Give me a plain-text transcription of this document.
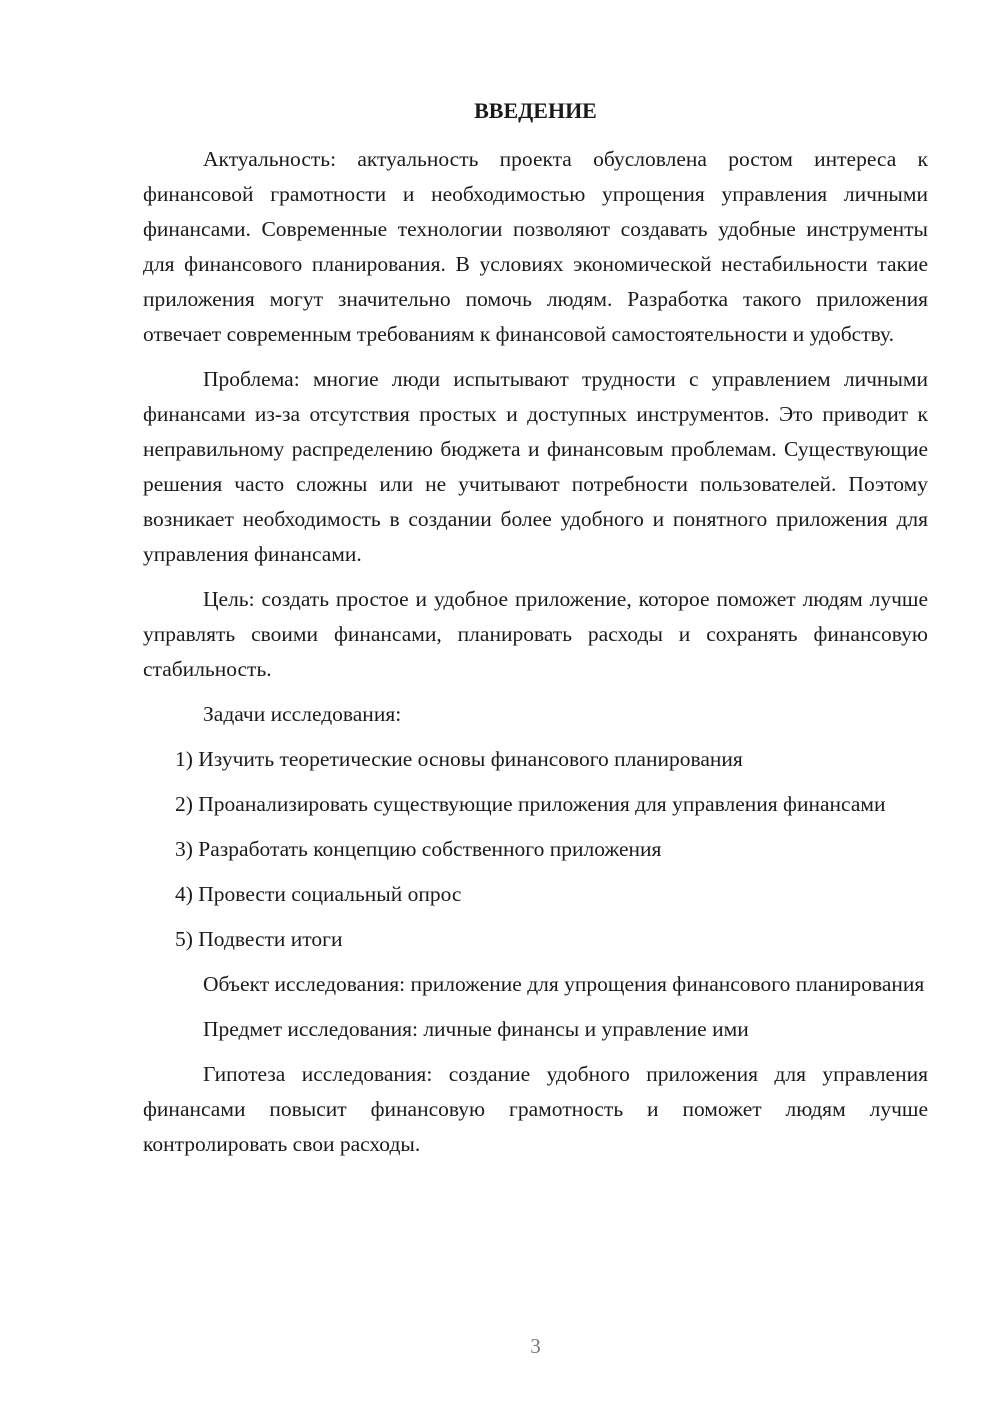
ВВЕДЕНИЕ

Актуальность: актуальность проекта обусловлена ростом интереса к финансовой грамотности и необходимостью упрощения управления личными финансами. Современные технологии позволяют создавать удобные инструменты для финансового планирования. В условиях экономической нестабильности такие приложения могут значительно помочь людям. Разработка такого приложения отвечает современным требованиям к финансовой самостоятельности и удобству.

Проблема: многие люди испытывают трудности с управлением личными финансами из-за отсутствия простых и доступных инструментов. Это приводит к неправильному распределению бюджета и финансовым проблемам. Существующие решения часто сложны или не учитывают потребности пользователей. Поэтому возникает необходимость в создании более удобного и понятного приложения для управления финансами.

Цель: создать простое и удобное приложение, которое поможет людям лучше управлять своими финансами, планировать расходы и сохранять финансовую стабильность.

Задачи исследования:

1) Изучить теоретические основы финансового планирования

2) Проанализировать существующие приложения для управления финансами

3) Разработать концепцию собственного приложения

4) Провести социальный опрос

5) Подвести итоги

Объект исследования: приложение для упрощения финансового планирования

Предмет исследования: личные финансы и управление ими

Гипотеза исследования: создание удобного приложения для управления финансами повысит финансовую грамотность и поможет людям лучше контролировать свои расходы.

3
